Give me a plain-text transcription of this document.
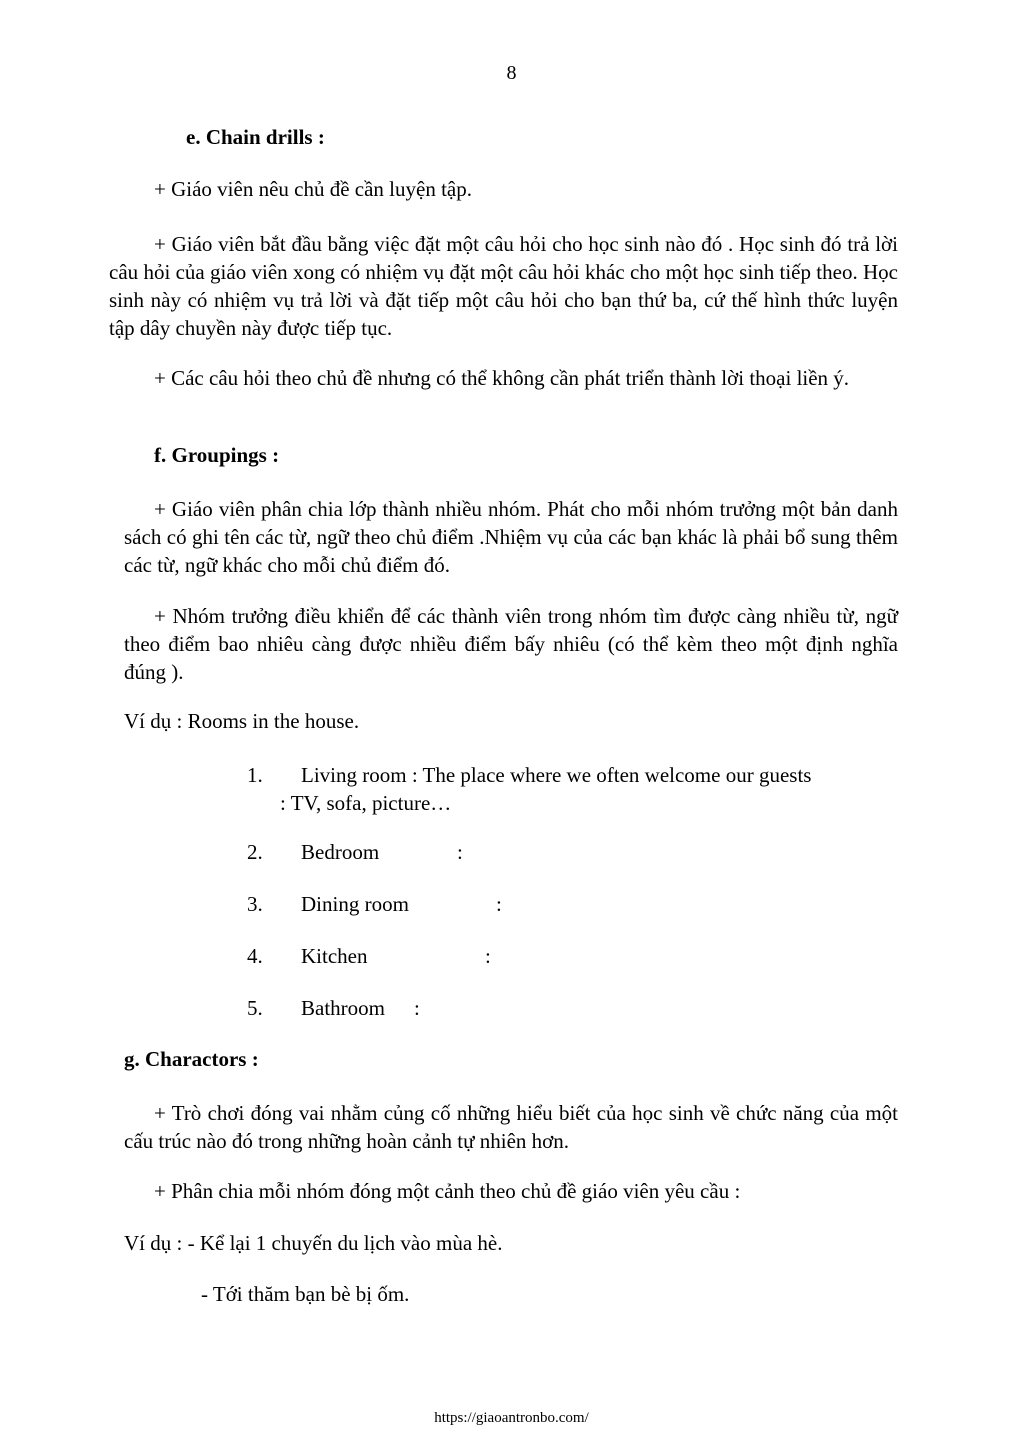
8
e. Chain drills :
+ Giáo viên nêu chủ đề cần luyện tập.
+ Giáo viên bắt đầu bằng việc đặt một câu hỏi cho học sinh nào đó . Học sinh đó trả lời câu hỏi của giáo viên xong có nhiệm vụ đặt một câu hỏi khác cho một học sinh tiếp theo. Học sinh này có nhiệm vụ trả lời và đặt tiếp một câu hỏi cho bạn thứ ba, cứ thế hình thức luyện tập dây chuyền này được tiếp tục.
+ Các câu hỏi theo chủ đề nhưng có thể không cần phát triển thành lời thoại liền ý.
f. Groupings :
+ Giáo viên phân chia lớp thành nhiều nhóm. Phát cho mỗi nhóm trưởng một bản danh sách có ghi tên các từ, ngữ theo chủ điểm .Nhiệm vụ của các bạn khác là phải bổ sung thêm các từ, ngữ khác cho mỗi chủ điểm đó.
+ Nhóm trưởng điều khiển để các thành viên trong nhóm tìm được càng nhiều từ, ngữ theo điểm bao nhiêu càng được nhiều điểm bấy nhiêu (có thể kèm theo một định nghĩa đúng ).
Ví dụ : Rooms in the house.
1.	Living room : The place where we often welcome our guests
: TV, sofa, picture…
2. Bedroom	:
3. Dining room	:
4. Kitchen	:
5. Bathroom :
g. Charactors :
+ Trò chơi đóng vai nhằm củng cố những hiểu biết của học sinh về chức năng của một cấu trúc nào đó trong những hoàn cảnh tự nhiên hơn.
+ Phân chia mỗi nhóm đóng một cảnh theo chủ đề giáo viên yêu cầu :
Ví dụ : - Kể lại 1 chuyến du lịch vào mùa hè.
- Tới thăm bạn bè bị ốm.
https://giaoantronbo.com/
